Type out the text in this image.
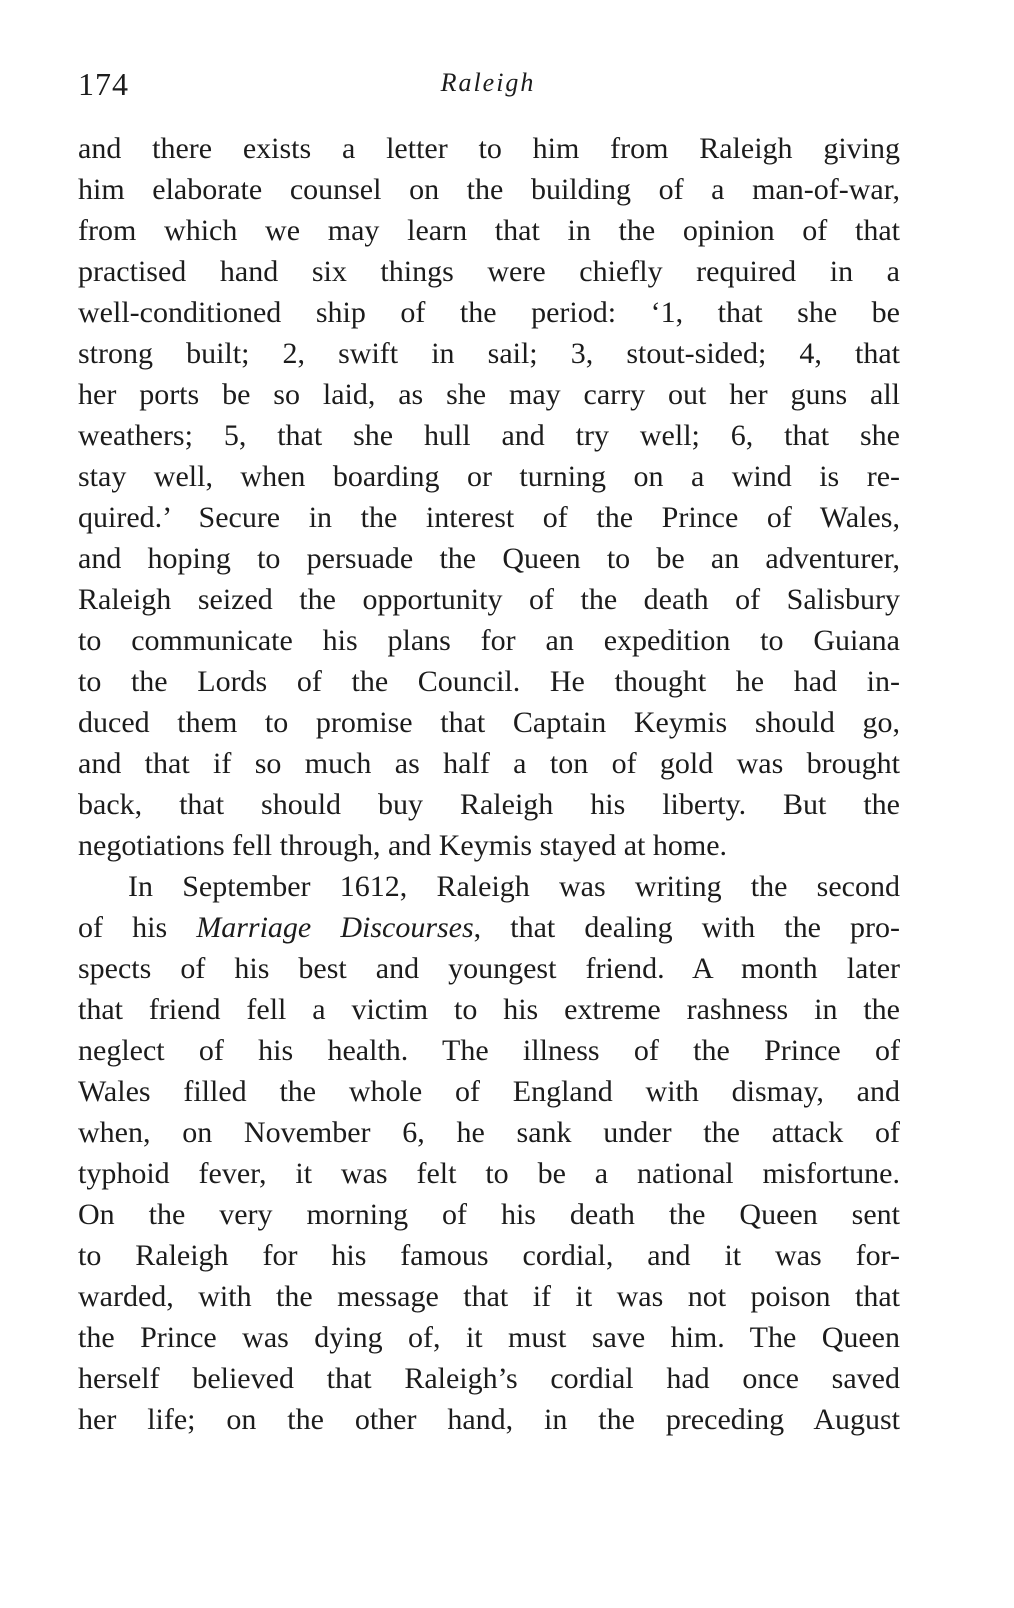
174	Raleigh
and there exists a letter to him from Raleigh giving
him elaborate counsel on the building of a man-of-war,
from which we may learn that in the opinion of that
practised hand six things were chiefly required in a
well-conditioned ship of the period: ‘1, that she be
strong built; 2, swift in sail; 3, stout-sided; 4, that
her ports be so laid, as she may carry out her guns all
weathers; 5, that she hull and try well; 6, that she
stay well, when boarding or turning on a wind is re-
quired.’ Secure in the interest of the Prince of Wales,
and hoping to persuade the Queen to be an adventurer,
Raleigh seized the opportunity of the death of Salisbury
to communicate his plans for an expedition to Guiana
to the Lords of the Council. He thought he had in-
duced them to promise that Captain Keymis should go,
and that if so much as half a ton of gold was brought
back, that should buy Raleigh his liberty. But the
negotiations fell through, and Keymis stayed at home.
In September 1612, Raleigh was writing the second
of his Marriage Discourses, that dealing with the pro-
spects of his best and youngest friend. A month later
that friend fell a victim to his extreme rashness in the
neglect of his health. The illness of the Prince of
Wales filled the whole of England with dismay, and
when, on November 6, he sank under the attack of
typhoid fever, it was felt to be a national misfortune.
On the very morning of his death the Queen sent
to Raleigh for his famous cordial, and it was for-
warded, with the message that if it was not poison that
the Prince was dying of, it must save him. The Queen
herself believed that Raleigh’s cordial had once saved
her life; on the other hand, in the preceding August
